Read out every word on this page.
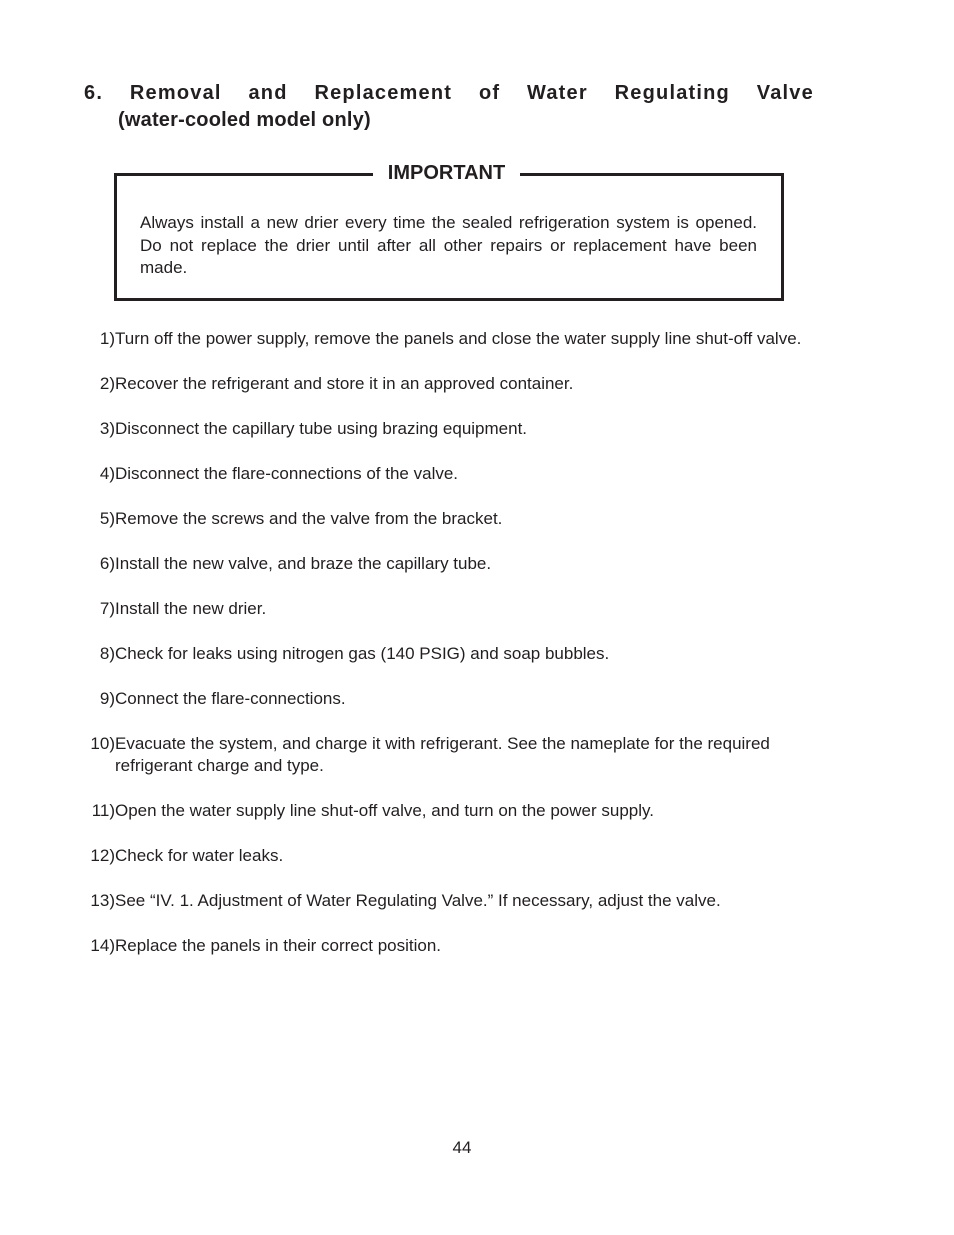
6. Removal and Replacement of Water Regulating Valve
(water-cooled model only)
IMPORTANT
Always install a new drier every time the sealed refrigeration system is opened. Do not replace the drier until after all other repairs or replacement have been made.
1) Turn off the power supply, remove the panels and close the water supply line shut-off valve.
2) Recover the refrigerant and store it in an approved container.
3) Disconnect the capillary tube using brazing equipment.
4) Disconnect the flare-connections of the valve.
5) Remove the screws and the valve from the bracket.
6) Install the new valve, and braze the capillary tube.
7) Install the new drier.
8) Check for leaks using nitrogen gas (140 PSIG) and soap bubbles.
9) Connect the flare-connections.
10) Evacuate the system, and charge it with refrigerant. See the nameplate for the required refrigerant charge and type.
11) Open the water supply line shut-off valve, and turn on the power supply.
12) Check for water leaks.
13) See “IV. 1. Adjustment of Water Regulating Valve.” If necessary, adjust the valve.
14) Replace the panels in their correct position.
44
